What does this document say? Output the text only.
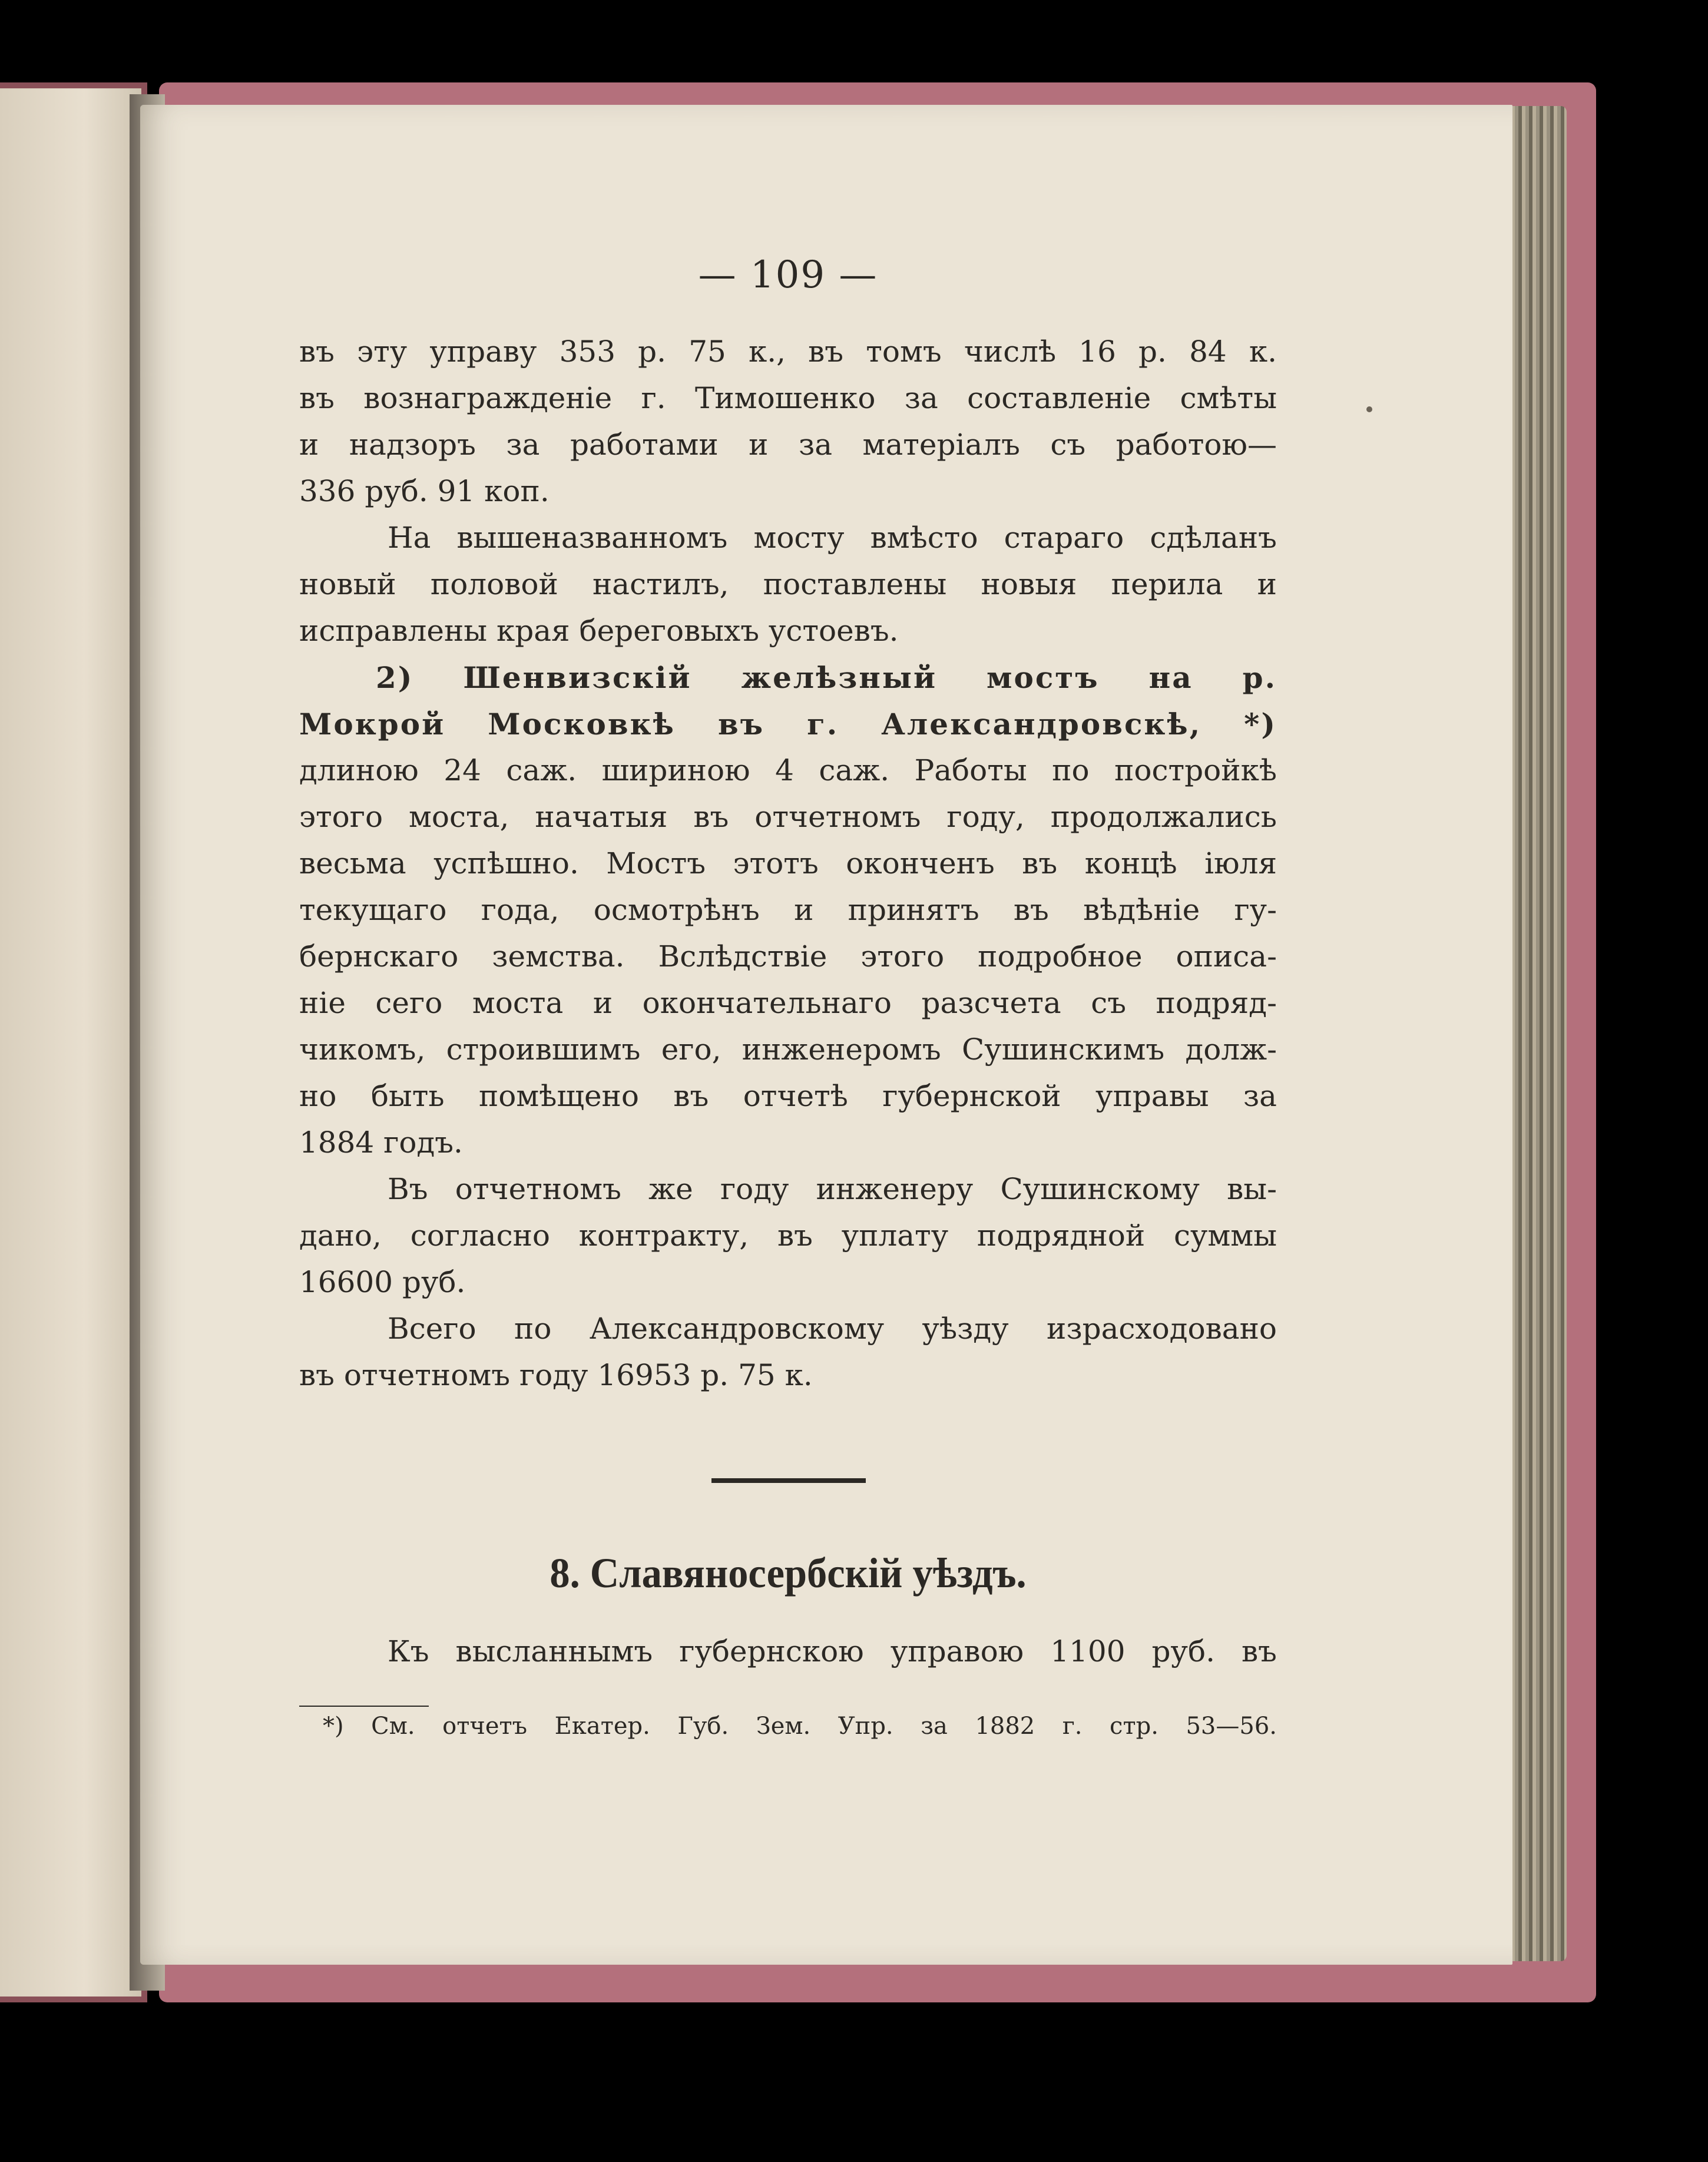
— 109 —
въ эту управу 353 р. 75 к., въ томъ числѣ 16 р. 84 к.
въ вознагражденіе г. Тимошенко за составленіе смѣты
и надзоръ за работами и за матеріалъ съ работою—
336 руб. 91 коп.
На вышеназванномъ мосту вмѣсто стараго сдѣланъ
новый половой настилъ, поставлены новыя перила и
исправлены края береговыхъ устоевъ.
2) Шенвизскій желѣзный мостъ на р.
Мокрой Московкѣ въ г. Александровскѣ, *)
длиною 24 саж. шириною 4 саж. Работы по постройкѣ
этого моста, начатыя въ отчетномъ году, продолжались
весьма успѣшно. Мостъ этотъ оконченъ въ концѣ іюля
текущаго года, осмотрѣнъ и принятъ въ вѣдѣніе гу-
бернскаго земства. Вслѣдствіе этого подробное описа-
ніе сего моста и окончательнаго разсчета съ подряд-
чикомъ, строившимъ его, инженеромъ Сушинскимъ долж-
но быть помѣщено въ отчетѣ губернской управы за
1884 годъ.
Въ отчетномъ же году инженеру Сушинскому вы-
дано, согласно контракту, въ уплату подрядной суммы
16600 руб.
Всего по Александровскому уѣзду израсходовано
въ отчетномъ году 16953 р. 75 к.
8. Славяносербскій уѣздъ.
Къ высланнымъ губернскою управою 1100 руб. въ
*) См. отчетъ Екатер. Губ. Зем. Упр. за 1882 г. стр. 53—56.
